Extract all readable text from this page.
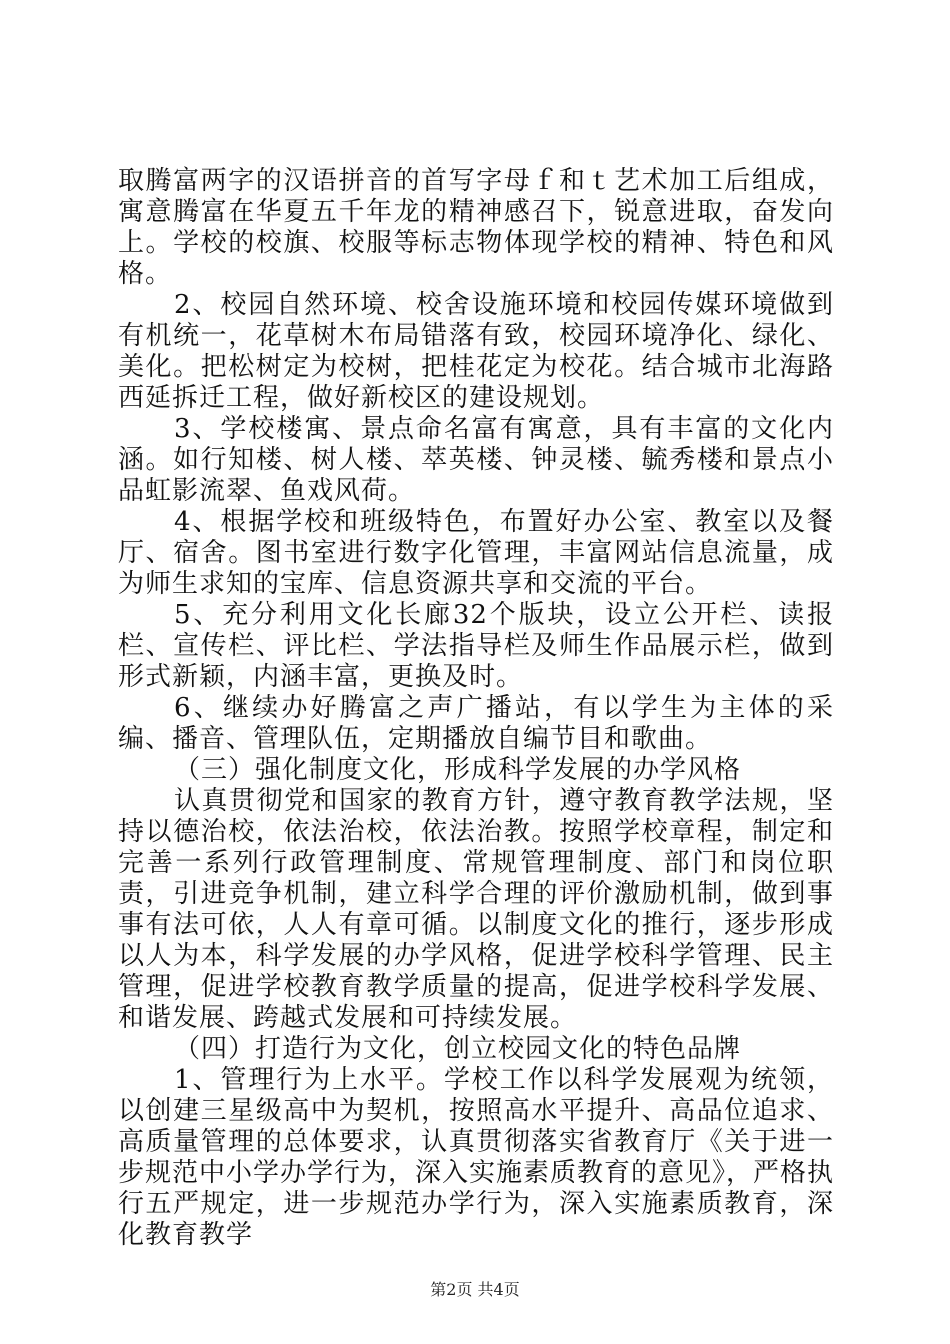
取腾富两字的汉语拼音的首写字母ｆ和ｔ艺术加工后组成，寓意腾富在华夏五千年龙的精神感召下，锐意进取，奋发向上。学校的校旗、校服等标志物体现学校的精神、特色和风格。

2、校园自然环境、校舍设施环境和校园传媒环境做到有机统一，花草树木布局错落有致，校园环境净化、绿化、美化。把松树定为校树，把桂花定为校花。结合城市北海路西延拆迁工程，做好新校区的建设规划。

3、学校楼寓、景点命名富有寓意，具有丰富的文化内涵。如行知楼、树人楼、萃英楼、钟灵楼、毓秀楼和景点小品虹影流翠、鱼戏风荷。

4、根据学校和班级特色，布置好办公室、教室以及餐厅、宿舍。图书室进行数字化管理，丰富网站信息流量，成为师生求知的宝库、信息资源共享和交流的平台。

5、充分利用文化长廊32个版块，设立公开栏、读报栏、宣传栏、评比栏、学法指导栏及师生作品展示栏，做到形式新颖，内涵丰富，更换及时。

6、继续办好腾富之声广播站，有以学生为主体的采编、播音、管理队伍，定期播放自编节目和歌曲。

（三）强化制度文化，形成科学发展的办学风格

认真贯彻党和国家的教育方针，遵守教育教学法规，坚持以德治校，依法治校，依法治教。按照学校章程，制定和完善一系列行政管理制度、常规管理制度、部门和岗位职责，引进竞争机制，建立科学合理的评价激励机制，做到事事有法可依，人人有章可循。以制度文化的推行，逐步形成以人为本，科学发展的办学风格，促进学校科学管理、民主管理，促进学校教育教学质量的提高，促进学校科学发展、和谐发展、跨越式发展和可持续发展。

（四）打造行为文化，创立校园文化的特色品牌

1、管理行为上水平。学校工作以科学发展观为统领，以创建三星级高中为契机，按照高水平提升、高品位追求、高质量管理的总体要求，认真贯彻落实省教育厅《关于进一步规范中小学办学行为，深入实施素质教育的意见》，严格执行五严规定，进一步规范办学行为，深入实施素质教育，深化教育教学

第2页 共4页
